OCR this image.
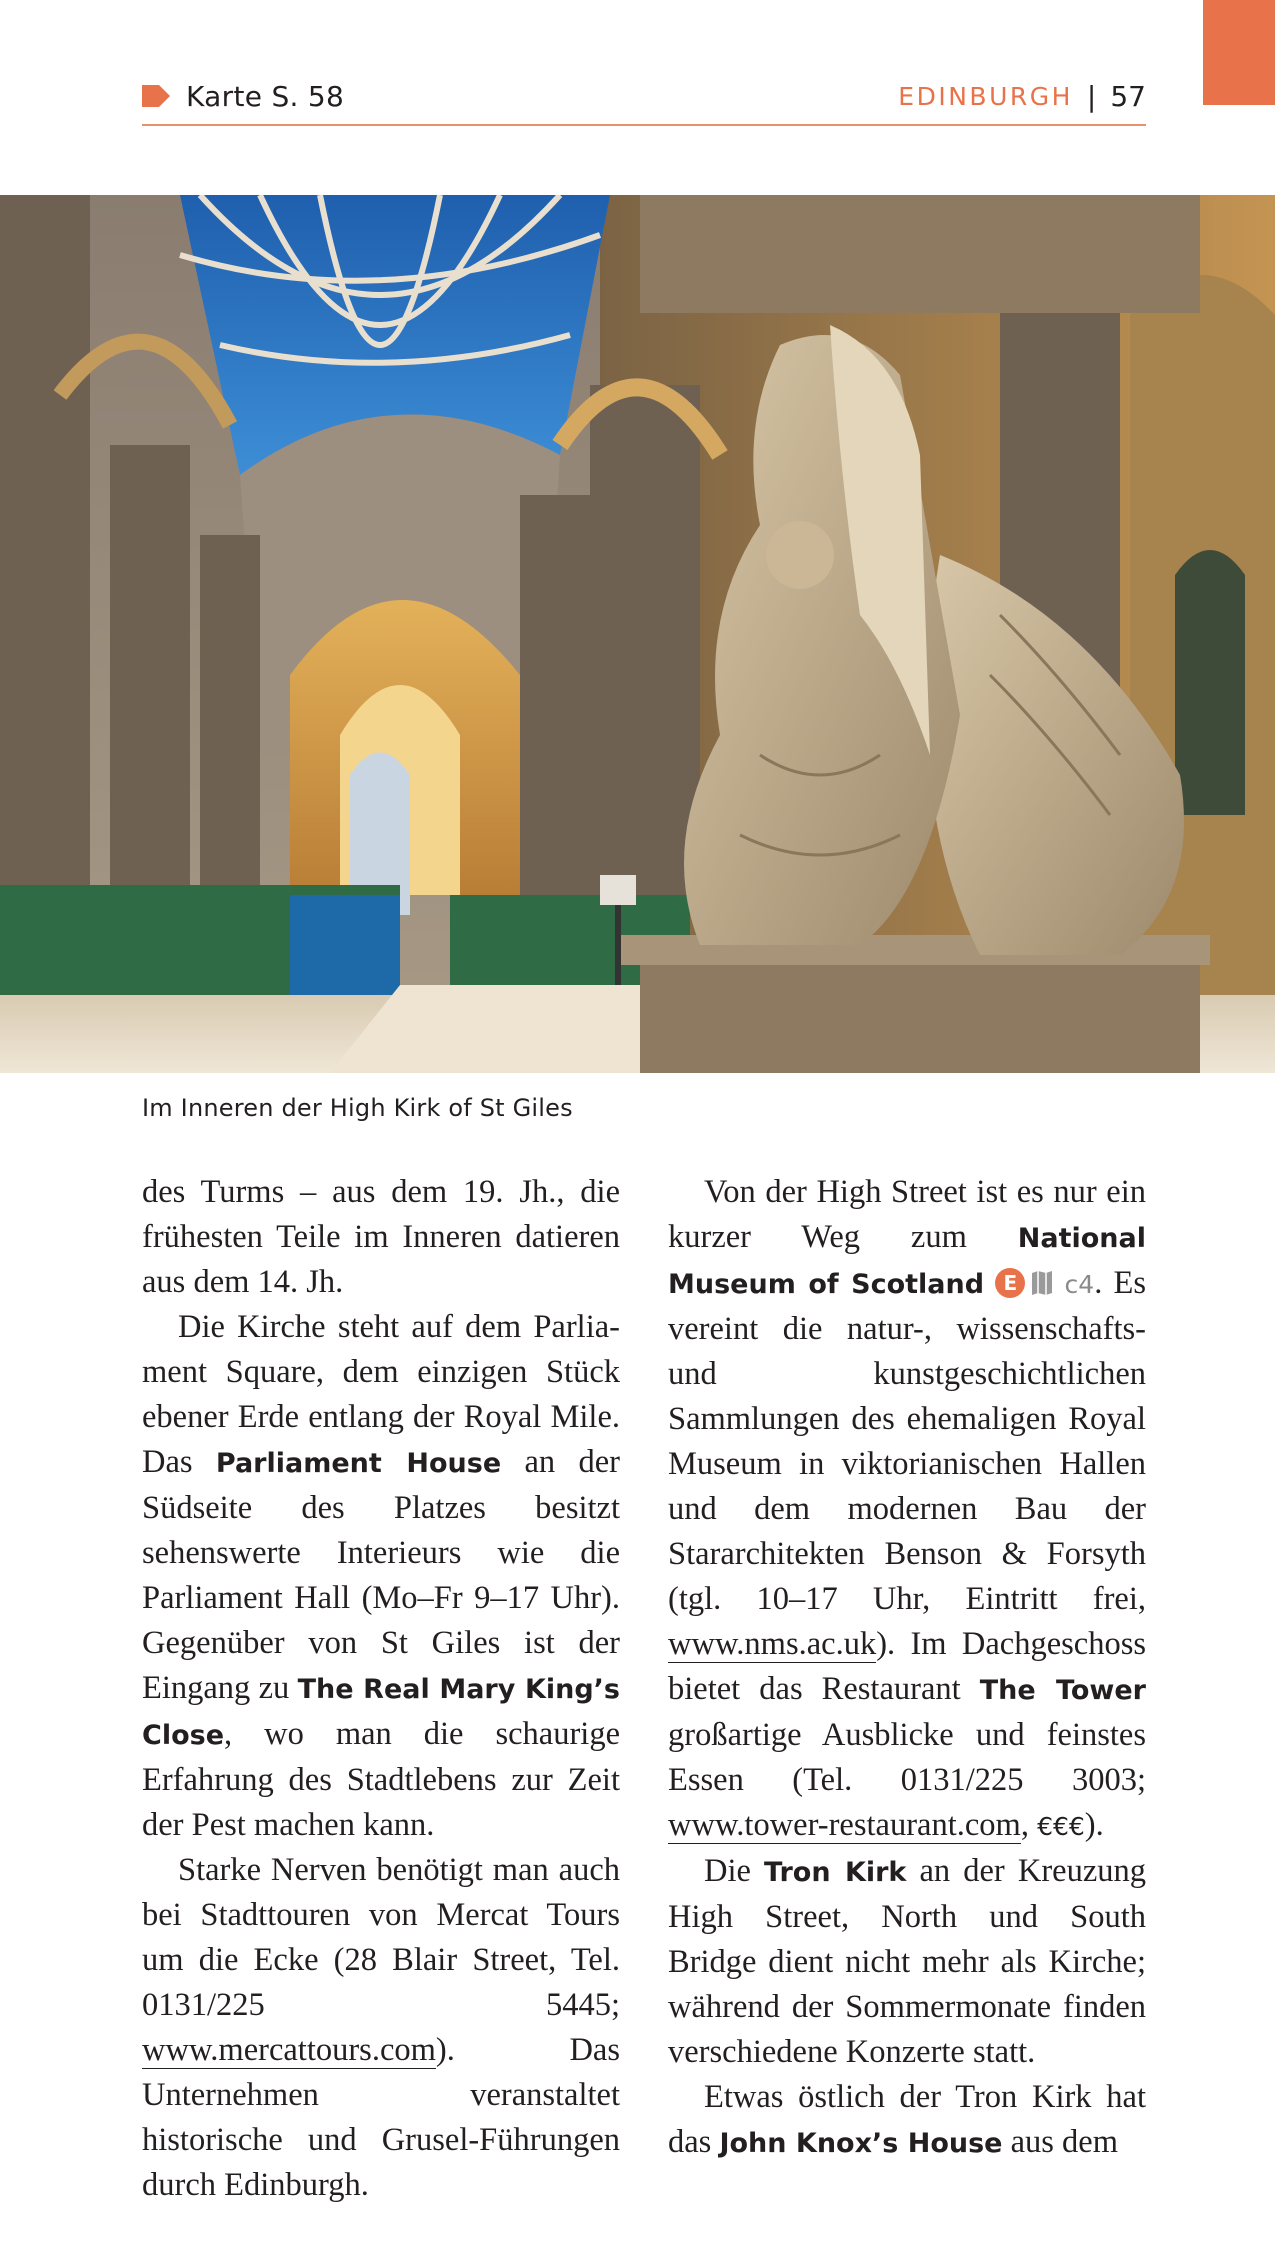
Karte S. 58	EDINBURGH | 57
Im Inneren der High Kirk of St Giles

des Turms – aus dem 19. Jh., die frühesten Teile im Inneren datieren aus dem 14. Jh.

Die Kirche steht auf dem Parliament Square, dem einzigen Stück ebener Erde entlang der Royal Mile. Das Parliament House an der Südseite des Platzes besitzt sehenswerte Interieurs wie die Parliament Hall (Mo–Fr 9–17 Uhr). Gegenüber von St Giles ist der Eingang zu The Real Mary King’s Close, wo man die schaurige Erfahrung des Stadtlebens zur Zeit der Pest machen kann.

Starke Nerven benötigt man auch bei Stadttouren von Mercat Tours um die Ecke (28 Blair Street, Tel. 0131/225 5445; www.mercattours.com). Das Unternehmen veranstaltet historische und Grusel-Führungen durch Edinburgh.

Von der High Street ist es nur ein kurzer Weg zum National Museum of Scotland E c4. Es vereint die natur-, wissenschafts- und kunstgeschichtlichen Sammlungen des ehemaligen Royal Museum in viktorianischen Hallen und dem modernen Bau der Stararchitekten Benson & Forsyth (tgl. 10–17 Uhr, Eintritt frei, www.nms.ac.uk). Im Dachgeschoss bietet das Restaurant The Tower großartige Ausblicke und feinstes Essen (Tel. 0131/225 3003; www.tower-restaurant.com, €€€).

Die Tron Kirk an der Kreuzung High Street, North und South Bridge dient nicht mehr als Kirche; während der Sommermonate finden verschiedene Konzerte statt.

Etwas östlich der Tron Kirk hat das John Knox’s House aus dem
